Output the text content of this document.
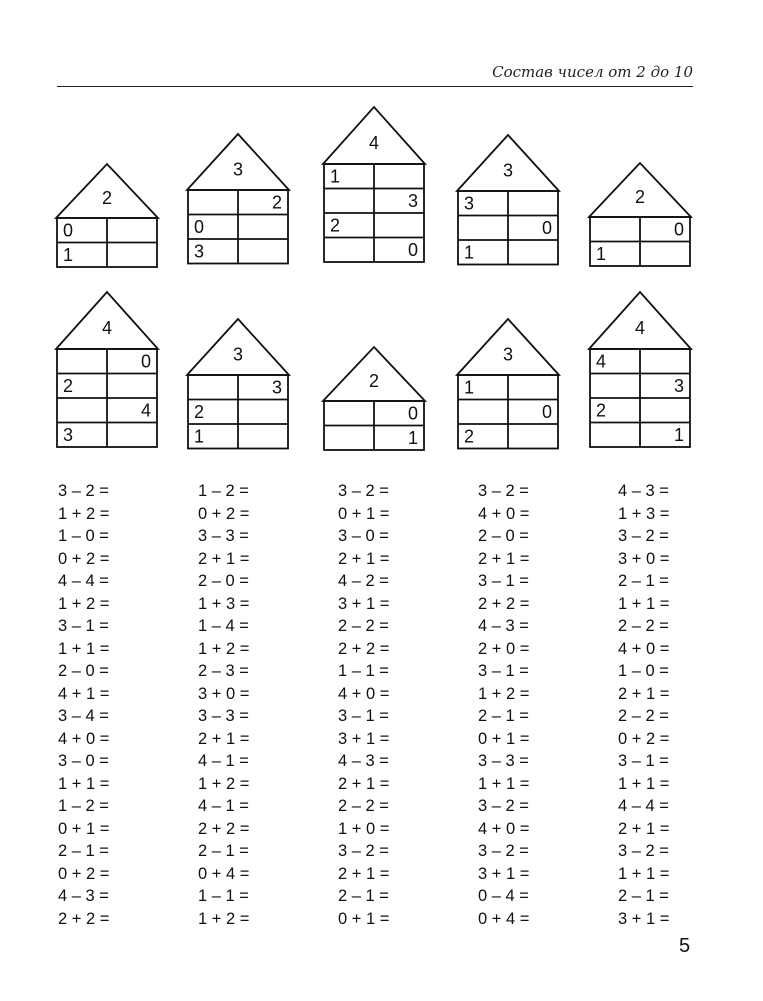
Состав чисел от 2 до 10
2
0
1
3
2
0
3
4
1
3
2
0
3
3
0
1
2
0
1
4
0
2
4
3
3
3
2
1
2
0
1
3
1
0
2
4
4
3
2
1
3 – 2 =
1 + 2 =
1 – 0 =
0 + 2 =
4 – 4 =
1 + 2 =
3 – 1 =
1 + 1 =
2 – 0 =
4 + 1 =
3 – 4 =
4 + 0 =
3 – 0 =
1 + 1 =
1 – 2 =
0 + 1 =
2 – 1 =
0 + 2 =
4 – 3 =
2 + 2 =
1 – 2 =
0 + 2 =
3 – 3 =
2 + 1 =
2 – 0 =
1 + 3 =
1 – 4 =
1 + 2 =
2 – 3 =
3 + 0 =
3 – 3 =
2 + 1 =
4 – 1 =
1 + 2 =
4 – 1 =
2 + 2 =
2 – 1 =
0 + 4 =
1 – 1 =
1 + 2 =
3 – 2 =
0 + 1 =
3 – 0 =
2 + 1 =
4 – 2 =
3 + 1 =
2 – 2 =
2 + 2 =
1 – 1 =
4 + 0 =
3 – 1 =
3 + 1 =
4 – 3 =
2 + 1 =
2 – 2 =
1 + 0 =
3 – 2 =
2 + 1 =
2 – 1 =
0 + 1 =
3 – 2 =
4 + 0 =
2 – 0 =
2 + 1 =
3 – 1 =
2 + 2 =
4 – 3 =
2 + 0 =
3 – 1 =
1 + 2 =
2 – 1 =
0 + 1 =
3 – 3 =
1 + 1 =
3 – 2 =
4 + 0 =
3 – 2 =
3 + 1 =
0 – 4 =
0 + 4 =
4 – 3 =
1 + 3 =
3 – 2 =
3 + 0 =
2 – 1 =
1 + 1 =
2 – 2 =
4 + 0 =
1 – 0 =
2 + 1 =
2 – 2 =
0 + 2 =
3 – 1 =
1 + 1 =
4 – 4 =
2 + 1 =
3 – 2 =
1 + 1 =
2 – 1 =
3 + 1 =
5
